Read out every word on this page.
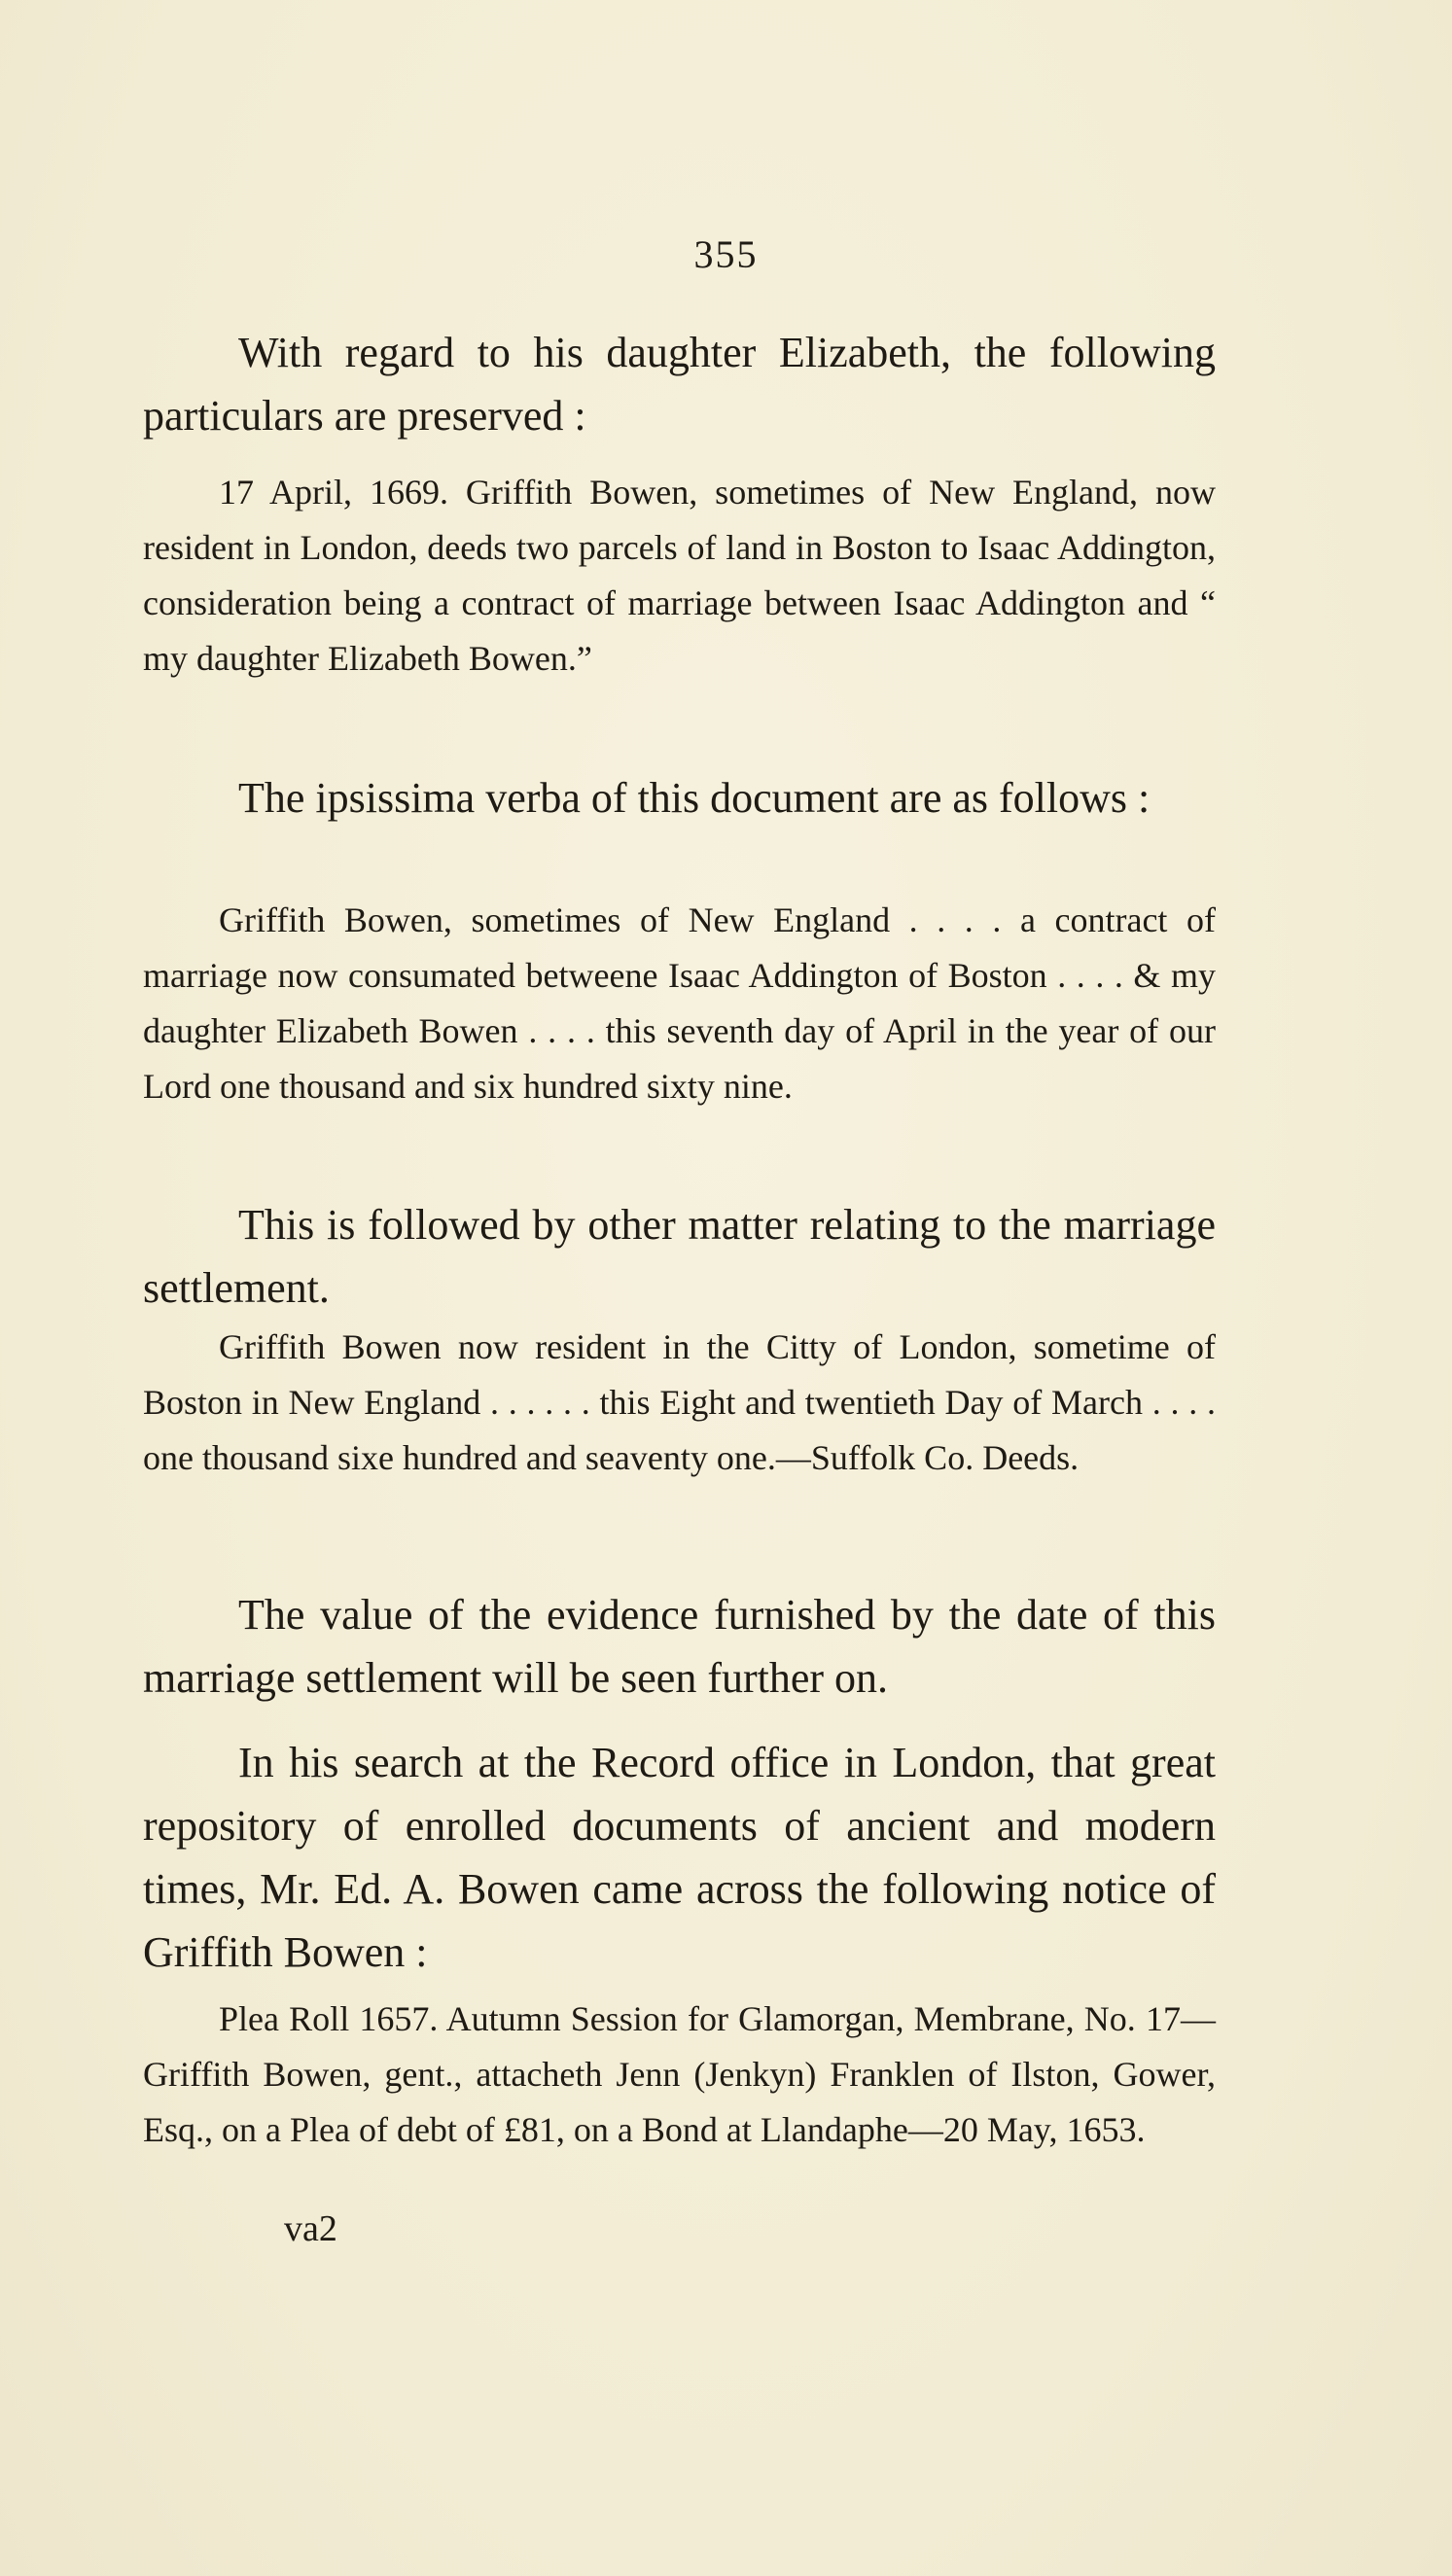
355

With regard to his daughter Elizabeth, the following particulars are preserved :

17 April, 1669. Griffith Bowen, sometimes of New England, now resident in London, deeds two parcels of land in Boston to Isaac Addington, consideration being a contract of marriage between Isaac Addington and “ my daughter Elizabeth Bowen.”

The ipsissima verba of this document are as follows :

Griffith Bowen, sometimes of New England . . . . a contract of marriage now consumated betweene Isaac Addington of Boston . . . . & my daughter Elizabeth Bowen . . . . this seventh day of April in the year of our Lord one thousand and six hundred sixty nine.

This is followed by other matter relating to the marriage settlement.

Griffith Bowen now resident in the Citty of London, sometime of Boston in New England . . . . . . this Eight and twentieth Day of March . . . . one thousand sixe hundred and seaventy one.—Suffolk Co. Deeds.

The value of the evidence furnished by the date of this marriage settlement will be seen further on.

In his search at the Record office in London, that great repository of enrolled documents of ancient and modern times, Mr. Ed. A. Bowen came across the following notice of Griffith Bowen :

Plea Roll 1657. Autumn Session for Glamorgan, Membrane, No. 17—Griffith Bowen, gent., attacheth Jenn (Jenkyn) Franklen of Ilston, Gower, Esq., on a Plea of debt of £81, on a Bond at Llandaphe—20 May, 1653.

va2
